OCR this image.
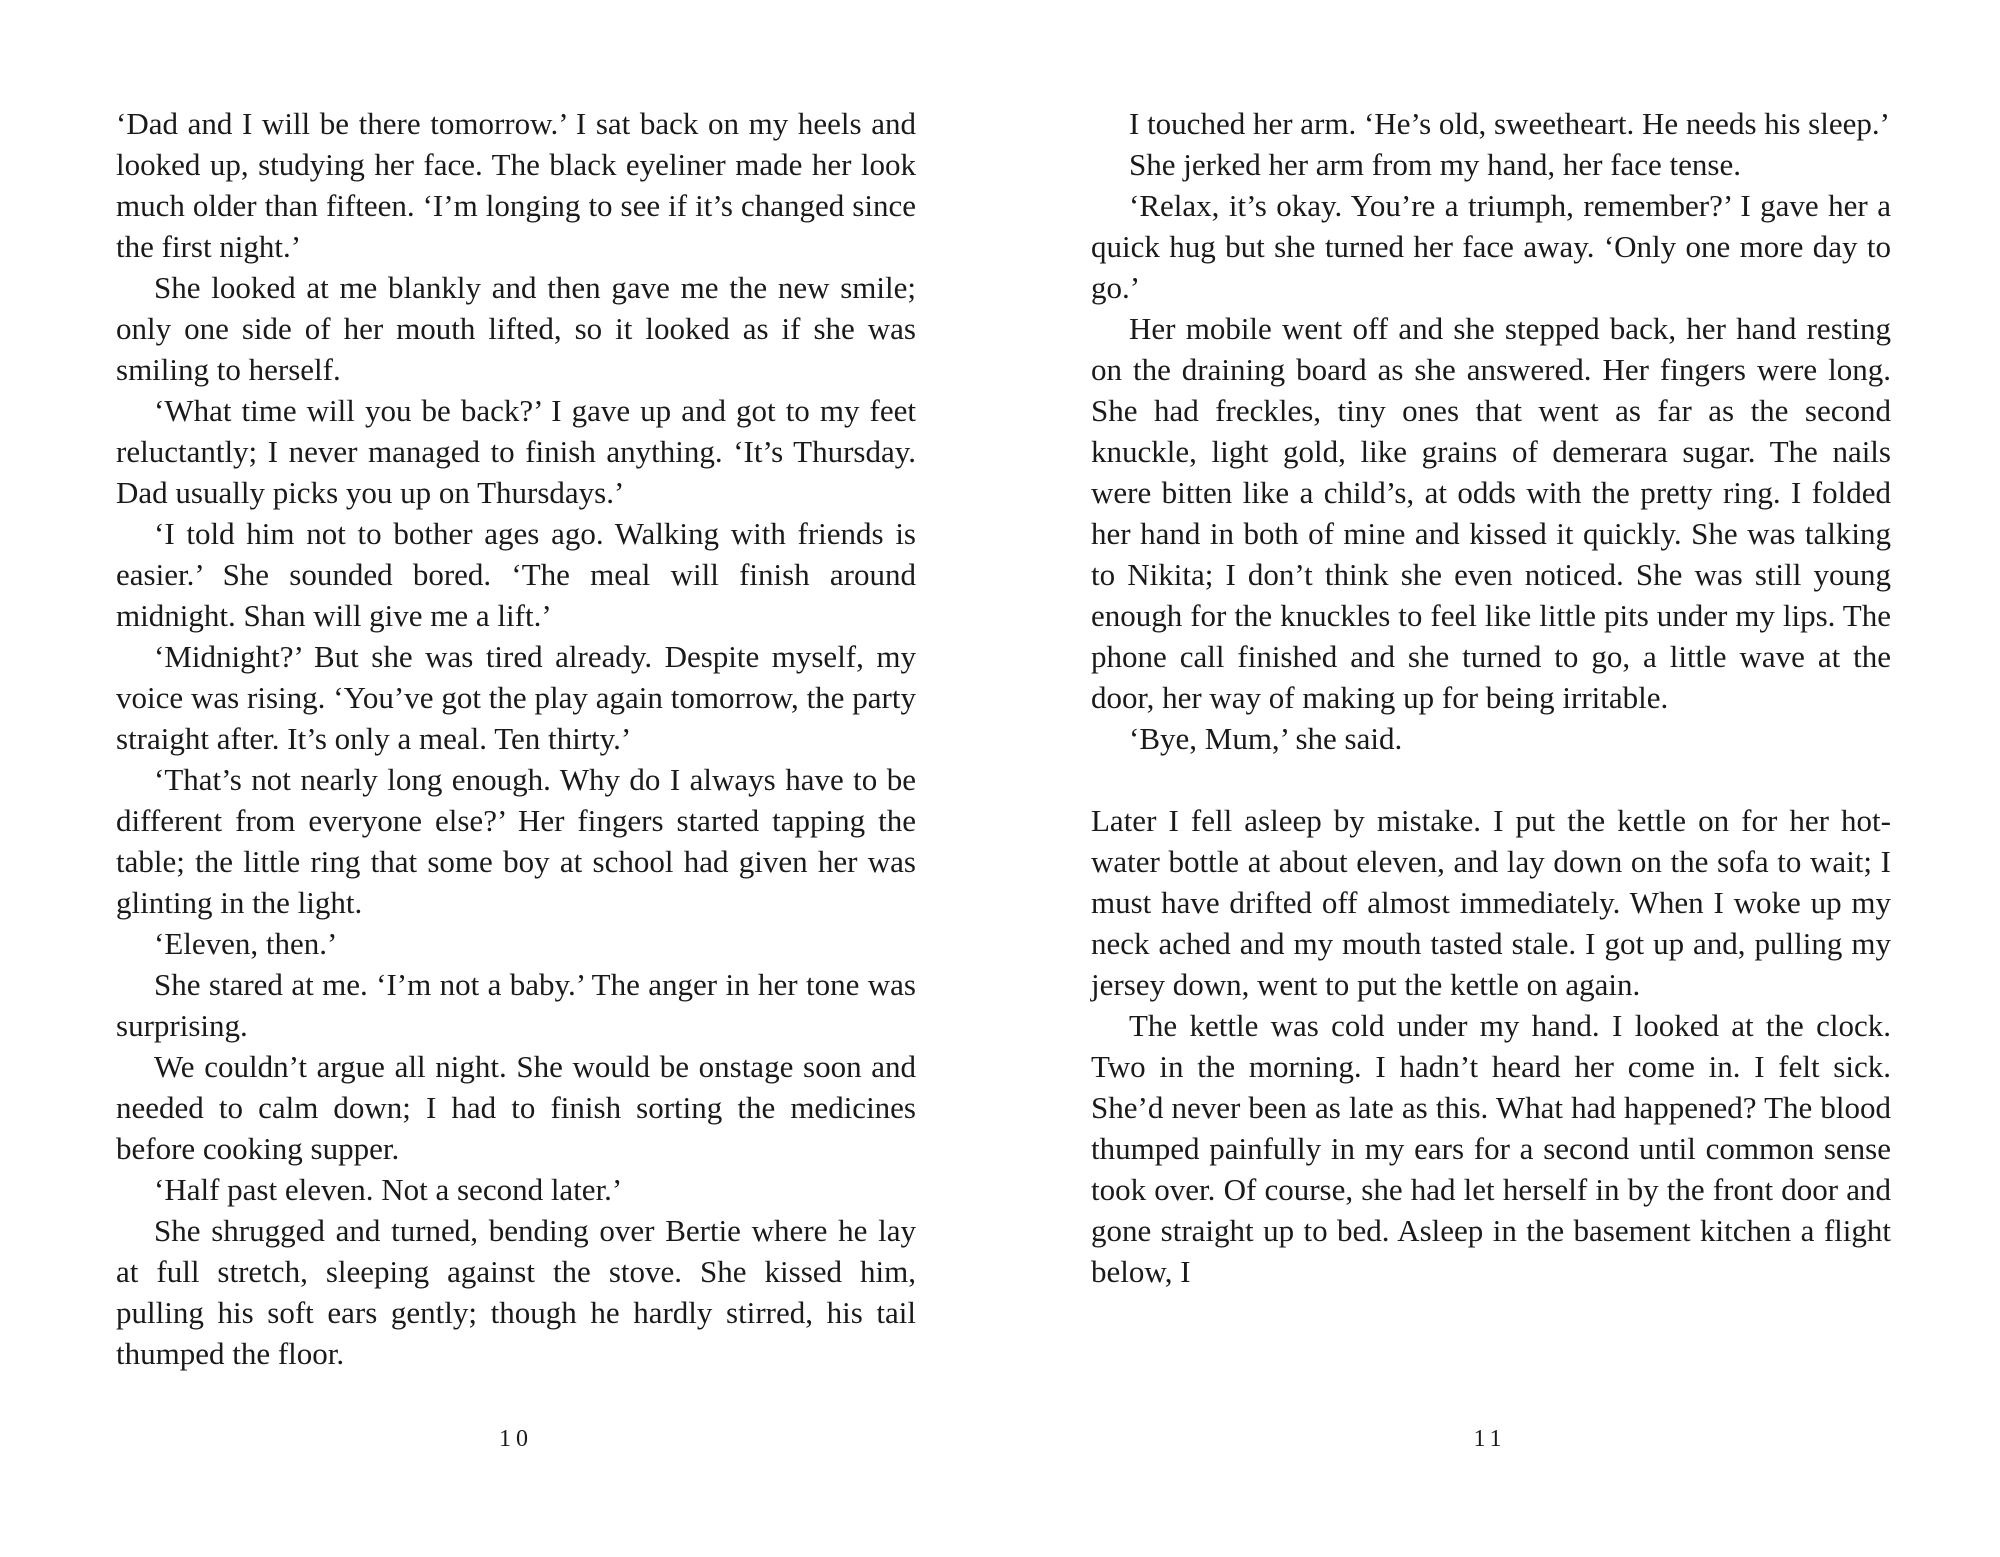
‘Dad and I will be there tomorrow.’ I sat back on my heels and looked up, studying her face. The black eyeliner made her look much older than fifteen. ‘I’m longing to see if it’s changed since the first night.’

She looked at me blankly and then gave me the new smile; only one side of her mouth lifted, so it looked as if she was smiling to herself.

‘What time will you be back?’ I gave up and got to my feet reluctantly; I never managed to finish anything. ‘It’s Thursday. Dad usually picks you up on Thursdays.’

‘I told him not to bother ages ago. Walking with friends is easier.’ She sounded bored. ‘The meal will finish around midnight. Shan will give me a lift.’

‘Midnight?’ But she was tired already. Despite myself, my voice was rising. ‘You’ve got the play again tomorrow, the party straight after. It’s only a meal. Ten thirty.’

‘That’s not nearly long enough. Why do I always have to be different from everyone else?’ Her fingers started tapping the table; the little ring that some boy at school had given her was glinting in the light.

‘Eleven, then.’

She stared at me. ‘I’m not a baby.’ The anger in her tone was surprising.

We couldn’t argue all night. She would be onstage soon and needed to calm down; I had to finish sorting the medicines before cooking supper.

‘Half past eleven. Not a second later.’

She shrugged and turned, bending over Bertie where he lay at full stretch, sleeping against the stove. She kissed him, pulling his soft ears gently; though he hardly stirred, his tail thumped the floor.

10

I touched her arm. ‘He’s old, sweetheart. He needs his sleep.’

She jerked her arm from my hand, her face tense.

‘Relax, it’s okay. You’re a triumph, remember?’ I gave her a quick hug but she turned her face away. ‘Only one more day to go.’

Her mobile went off and she stepped back, her hand resting on the draining board as she answered. Her fingers were long. She had freckles, tiny ones that went as far as the second knuckle, light gold, like grains of demerara sugar. The nails were bitten like a child’s, at odds with the pretty ring. I folded her hand in both of mine and kissed it quickly. She was talking to Nikita; I don’t think she even noticed. She was still young enough for the knuckles to feel like little pits under my lips. The phone call finished and she turned to go, a little wave at the door, her way of making up for being irritable.

‘Bye, Mum,’ she said.

Later I fell asleep by mistake. I put the kettle on for her hot-water bottle at about eleven, and lay down on the sofa to wait; I must have drifted off almost immediately. When I woke up my neck ached and my mouth tasted stale. I got up and, pulling my jersey down, went to put the kettle on again.

The kettle was cold under my hand. I looked at the clock. Two in the morning. I hadn’t heard her come in. I felt sick. She’d never been as late as this. What had happened? The blood thumped painfully in my ears for a second until common sense took over. Of course, she had let herself in by the front door and gone straight up to bed. Asleep in the basement kitchen a flight below, I

11
